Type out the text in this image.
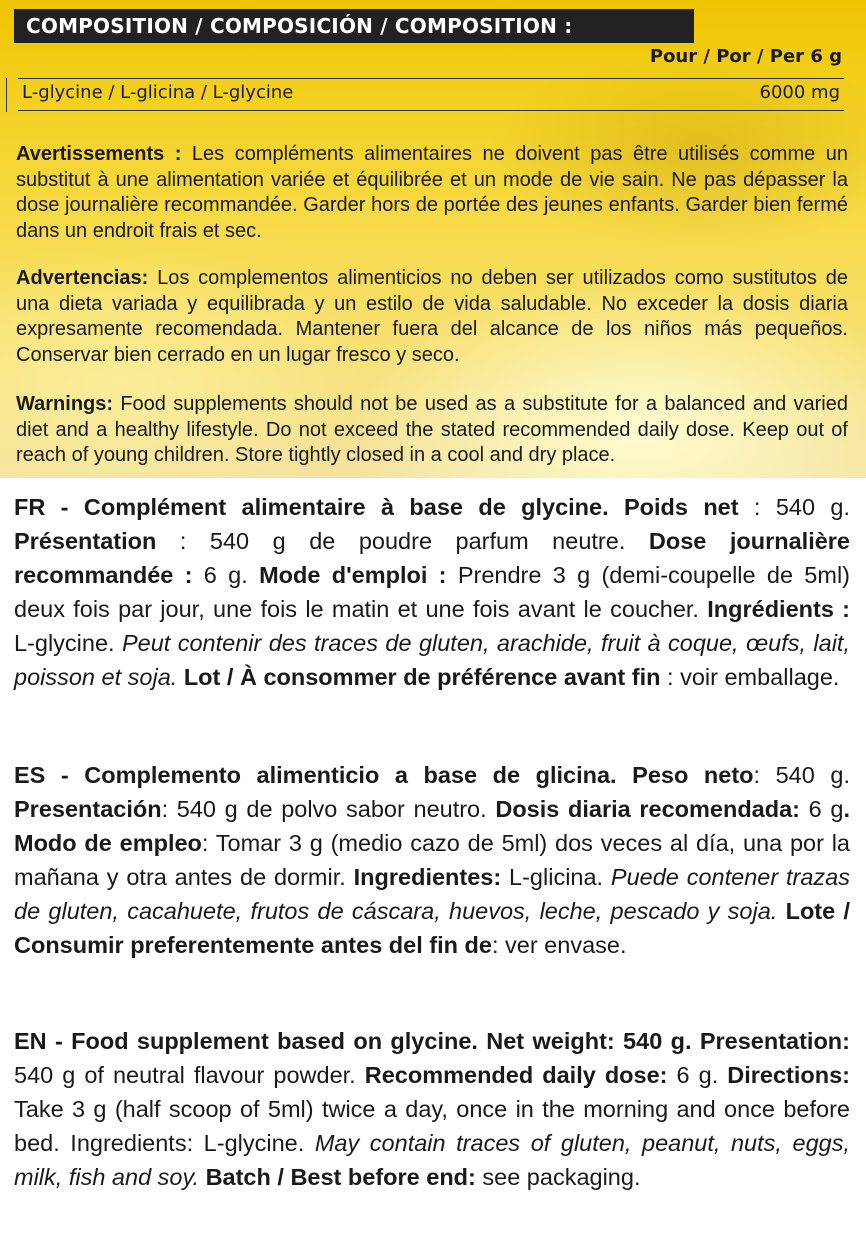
COMPOSITION / COMPOSICIÓN / COMPOSITION :
Pour / Por / Per 6 g
L-glycine / L-glicina / L-glycine	6000 mg

Avertissements : Les compléments alimentaires ne doivent pas être utilisés comme un substitut à une alimentation variée et équilibrée et un mode de vie sain. Ne pas dépasser la dose journalière recommandée. Garder hors de portée des jeunes enfants. Garder bien fermé dans un endroit frais et sec.

Advertencias: Los complementos alimenticios no deben ser utilizados como sustitutos de una dieta variada y equilibrada y un estilo de vida saludable. No exceder la dosis diaria expresamente recomendada. Mantener fuera del alcance de los niños más pequeños. Conservar bien cerrado en un lugar fresco y seco.

Warnings: Food supplements should not be used as a substitute for a balanced and varied diet and a healthy lifestyle. Do not exceed the stated recommended daily dose. Keep out of reach of young children. Store tightly closed in a cool and dry place.

FR - Complément alimentaire à base de glycine. Poids net : 540 g. Présentation : 540 g de poudre parfum neutre. Dose journalière recommandée : 6 g. Mode d'emploi : Prendre 3 g (demi-coupelle de 5ml) deux fois par jour, une fois le matin et une fois avant le coucher. Ingrédients : L-glycine. Peut contenir des traces de gluten, arachide, fruit à coque, œufs, lait, poisson et soja. Lot / À consommer de préférence avant fin : voir emballage.

ES - Complemento alimenticio a base de glicina. Peso neto: 540 g. Presentación: 540 g de polvo sabor neutro. Dosis diaria recomendada: 6 g. Modo de empleo: Tomar 3 g (medio cazo de 5ml) dos veces al día, una por la mañana y otra antes de dormir. Ingredientes: L-glicina. Puede contener trazas de gluten, cacahuete, frutos de cáscara, huevos, leche, pescado y soja. Lote / Consumir preferentemente antes del fin de: ver envase.

EN - Food supplement based on glycine. Net weight: 540 g. Presentation: 540 g of neutral flavour powder. Recommended daily dose: 6 g. Directions: Take 3 g (half scoop of 5ml) twice a day, once in the morning and once before bed. Ingredients: L-glycine. May contain traces of gluten, peanut, nuts, eggs, milk, fish and soy. Batch / Best before end: see packaging.
